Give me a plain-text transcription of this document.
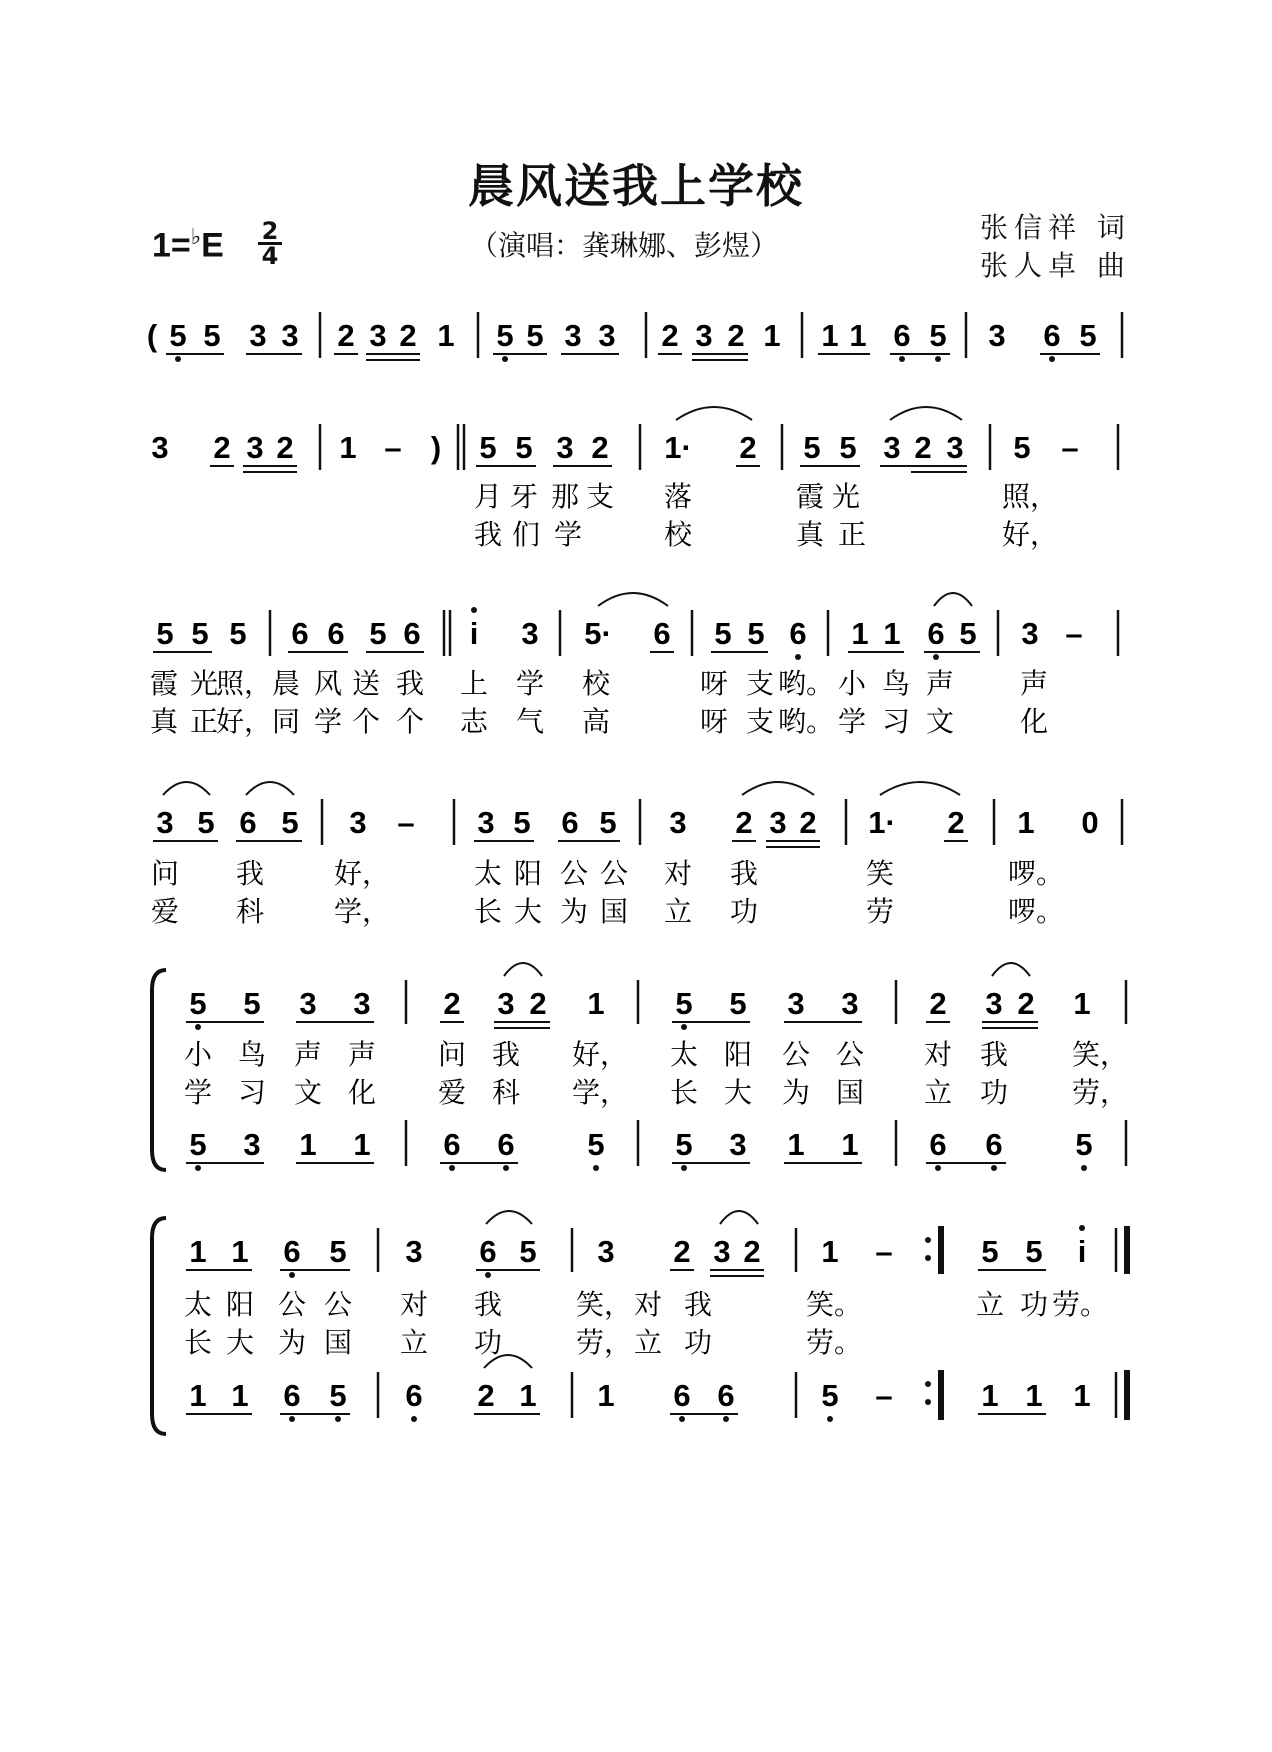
晨风送我上学校
1=♭E 2
4	（演唱：龚琳娜、彭煜）
张信祥 词
张人卓 曲
( 5 5 3 3 2 3 2 1 5 5 3 3 2 3 2 1 1 1 6 5 3 6 5
3 2 3 2 1 – ) 5 5 3 2 1· 2 5 5 3 2 3 5 –
月 牙 那 支 落	霞 光	照，
我 们 学	校	真 正	好，
5 5 5 6 6 5 6 i 3 5· 6 5 5 6 1 1 6 5 3 –
霞 光
照， 晨 风 送 我 上 学 校	呀 支 哟。 小 鸟 声 声
真 正
好， 同 学 个 个 志 气 高	呀 支 哟。 学 习 文 化
3 5 6 5 3 – 3 5 6 5 3 2 3 2 1· 2 1 0
问 我 好，	太 阳 公 公 对 我	笑	啰。
爱 科 学，	长 大 为 国 立 功	劳	啰。
5 5 3 3 2 3 2 1 5 5 3 3 2 3 2 1
小 鸟 声 声 问 我 好， 太 阳 公 公 对 我 笑，
学 习 文 化 爱 科 学， 长 大 为 国 立 功 劳，
5 3 1 1 6 6 5 5 3 1 1 6 6 5
1 1 6 5 3 6 5 3 2 3 2 1 –	5 5 i
太 阳 公 公 对 我	笑， 对 我	笑。	立 功 劳。
长 大 为 国 立 功	劳， 立 功	劳。
1 1 6 5 6 2 1 1 6 6	5 –	1 1 1
